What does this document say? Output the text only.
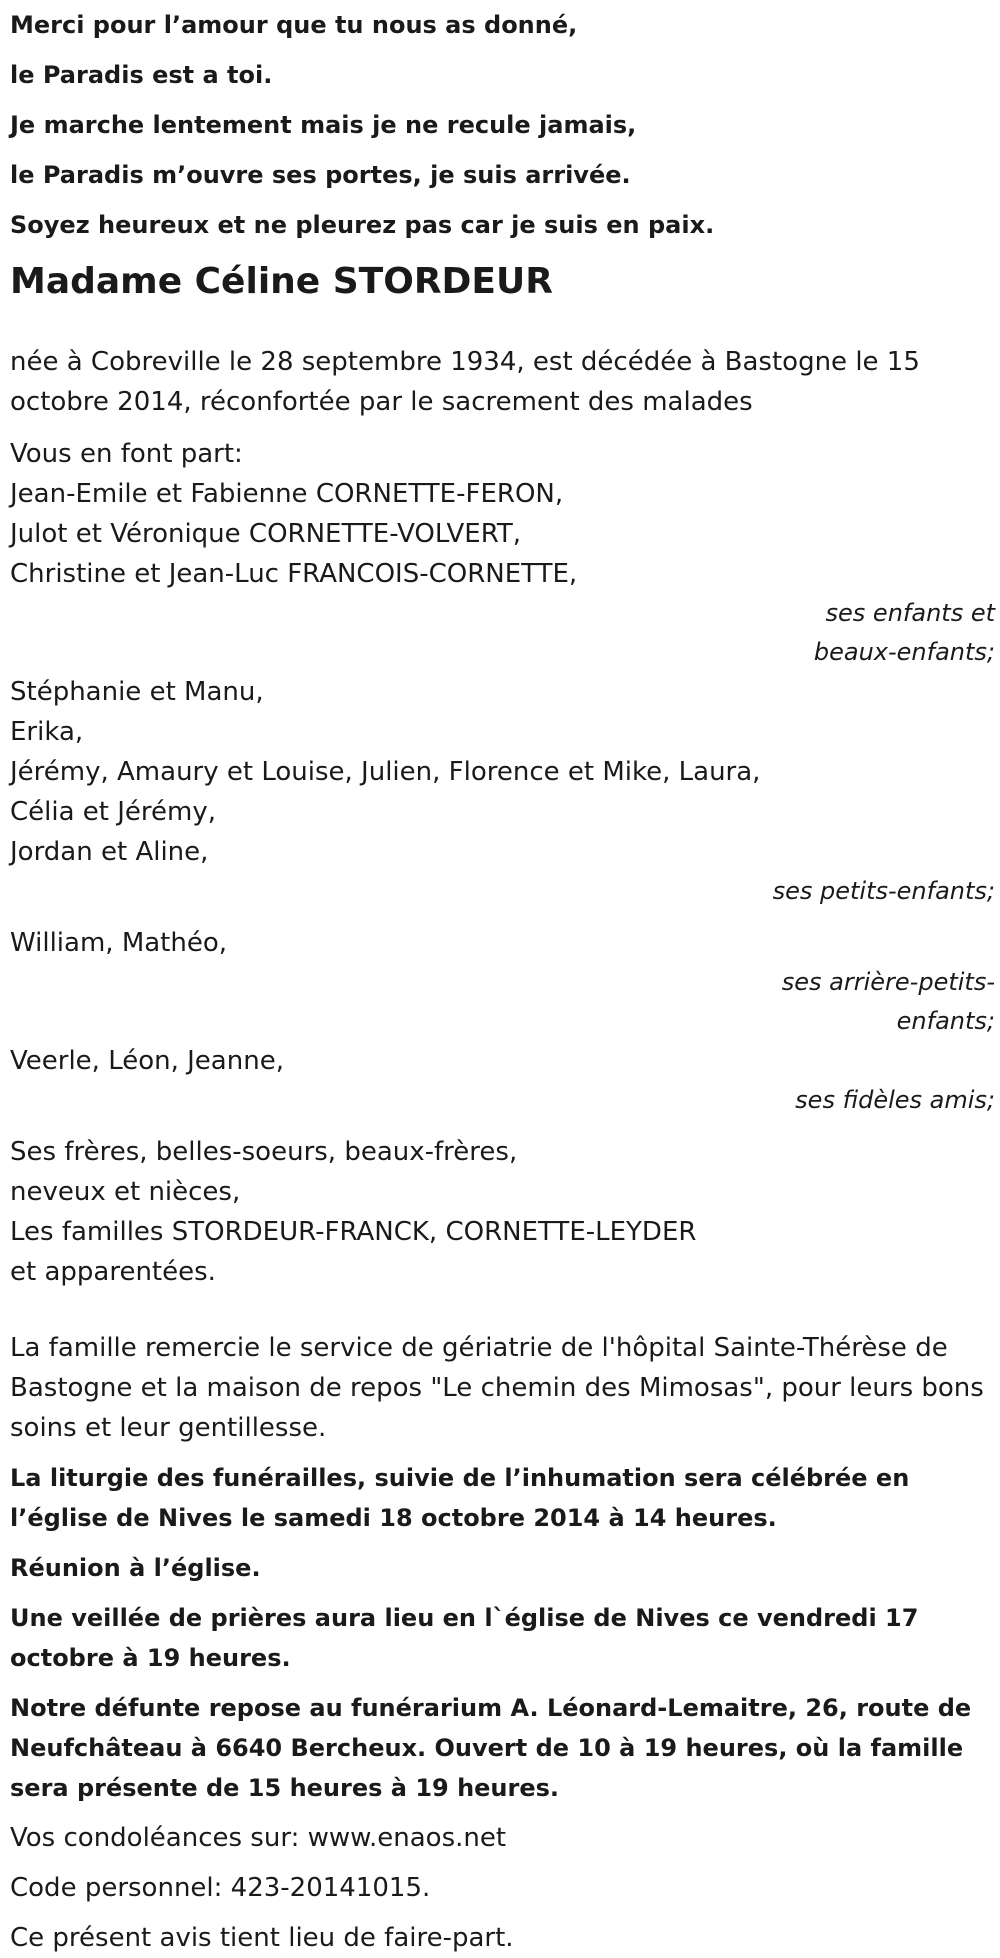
Merci pour l’amour que tu nous as donné,

le Paradis est a toi.

Je marche lentement mais je ne recule jamais,

le Paradis m’ouvre ses portes, je suis arrivée.

Soyez heureux et ne pleurez pas car je suis en paix.

Madame Céline STORDEUR

née à Cobreville le 28 septembre 1934, est décédée à Bastogne le 15 octobre 2014, réconfortée par le sacrement des malades

Vous en font part:

Jean-Emile et Fabienne CORNETTE-FERON,

Julot et Véronique CORNETTE-VOLVERT,

Christine et Jean-Luc FRANCOIS-CORNETTE,

ses enfants et

beaux-enfants;

Stéphanie et Manu,

Erika,

Jérémy, Amaury et Louise, Julien, Florence et Mike, Laura,

Célia et Jérémy,

Jordan et Aline,

ses petits-enfants;

William, Mathéo,

ses arrière-petits-

enfants;

Veerle, Léon, Jeanne,

ses fidèles amis;

Ses frères, belles-soeurs, beaux-frères,

neveux et nièces,

Les familles STORDEUR-FRANCK, CORNETTE-LEYDER

et apparentées.

La famille remercie le service de gériatrie de l'hôpital Sainte-Thérèse de Bastogne et la maison de repos "Le chemin des Mimosas", pour leurs bons soins et leur gentillesse.

La liturgie des funérailles, suivie de l’inhumation sera célébrée en l’église de Nives le samedi 18 octobre 2014 à 14 heures.

Réunion à l’église.

Une veillée de prières aura lieu en l`église de Nives ce vendredi 17 octobre à 19 heures.

Notre défunte repose au funérarium A. Léonard-Lemaitre, 26, route de Neufchâteau à 6640 Bercheux. Ouvert de 10 à 19 heures, où la famille sera présente de 15 heures à 19 heures.

Vos condoléances sur: www.enaos.net

Code personnel: 423-20141015.

Ce présent avis tient lieu de faire-part.
